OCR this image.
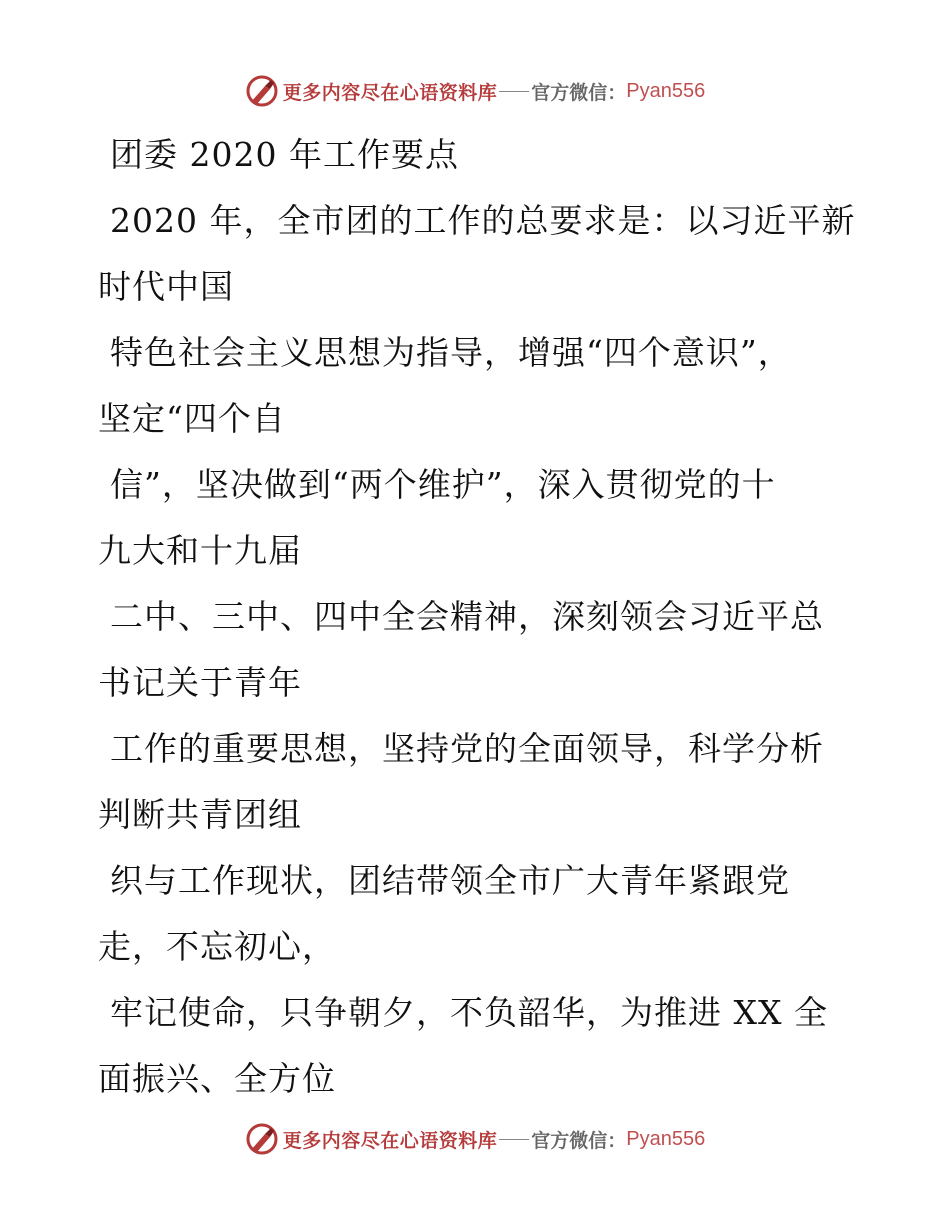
更多内容尽在心语资料库 官方微信： Pyan556
团委 2020 年工作要点
2020 年，全市团的工作的总要求是：以习近平新
时代中国
特色社会主义思想为指导，增强“四个意识”，
坚定“四个自
信”，坚决做到“两个维护”，深入贯彻党的十
九大和十九届
二中、三中、四中全会精神，深刻领会习近平总
书记关于青年
工作的重要思想，坚持党的全面领导，科学分析
判断共青团组
织与工作现状，团结带领全市广大青年紧跟党
走，不忘初心，
牢记使命，只争朝夕，不负韶华，为推进 XX 全
面振兴、全方位
更多内容尽在心语资料库 官方微信： Pyan556
